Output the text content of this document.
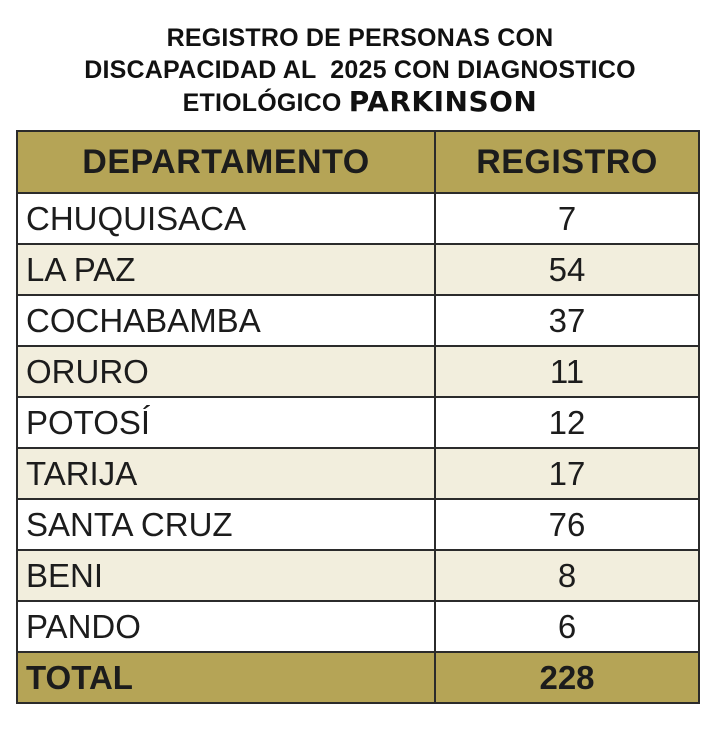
REGISTRO DE PERSONAS CON
DISCAPACIDAD AL  2025 CON DIAGNOSTICO
ETIOLÓGICO PARKINSON
DEPARTAMENTO	REGISTRO
CHUQUISACA	7
LA PAZ	54
COCHABAMBA	37
ORURO	11
POTOSÍ	12
TARIJA	17
SANTA CRUZ	76
BENI	8
PANDO	6
TOTAL	228
